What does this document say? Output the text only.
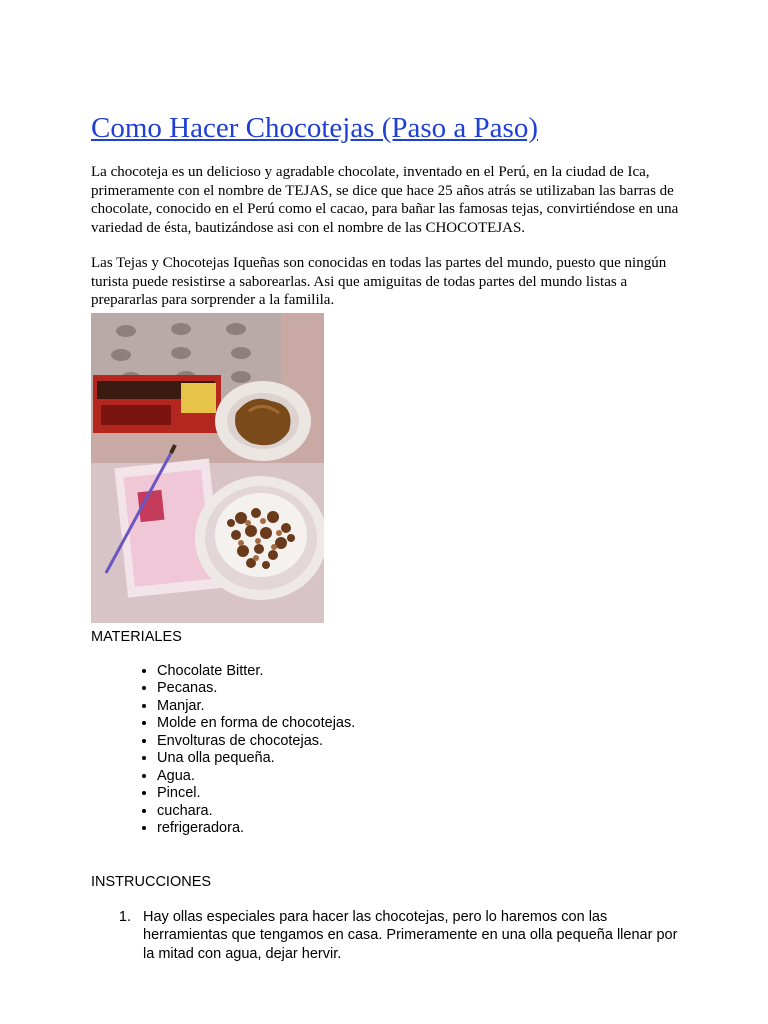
Como Hacer Chocotejas (Paso a Paso)

La chocoteja es un delicioso y agradable chocolate, inventado en el Perú, en la ciudad de Ica, primeramente con el nombre de TEJAS, se dice que hace 25 años atrás se utilizaban las barras de chocolate, conocido en el Perú como el cacao, para bañar las famosas tejas, convirtiéndose en una variedad de ésta, bautizándose asi con el nombre de las CHOCOTEJAS.

Las Tejas y Chocotejas Iqueñas son conocidas en todas las partes del mundo, puesto que ningún turista puede resistirse a saborearlas. Asi que amiguitas de todas partes del mundo listas a prepararlas para sorprender a la famililа.

MATERIALES
• Chocolate Bitter.
• Pecanas.
• Manjar.
• Molde en forma de chocotejas.
• Envolturas de chocotejas.
• Una olla pequeña.
• Agua.
• Pincel.
• cuchara.
• refrigeradora.
INSTRUCCIONES
1. Hay ollas especiales para hacer las chocotejas, pero lo haremos con las herramientas que tengamos en casa. Primeramente en una olla pequeña llenar por la mitad con agua, dejar hervir.
